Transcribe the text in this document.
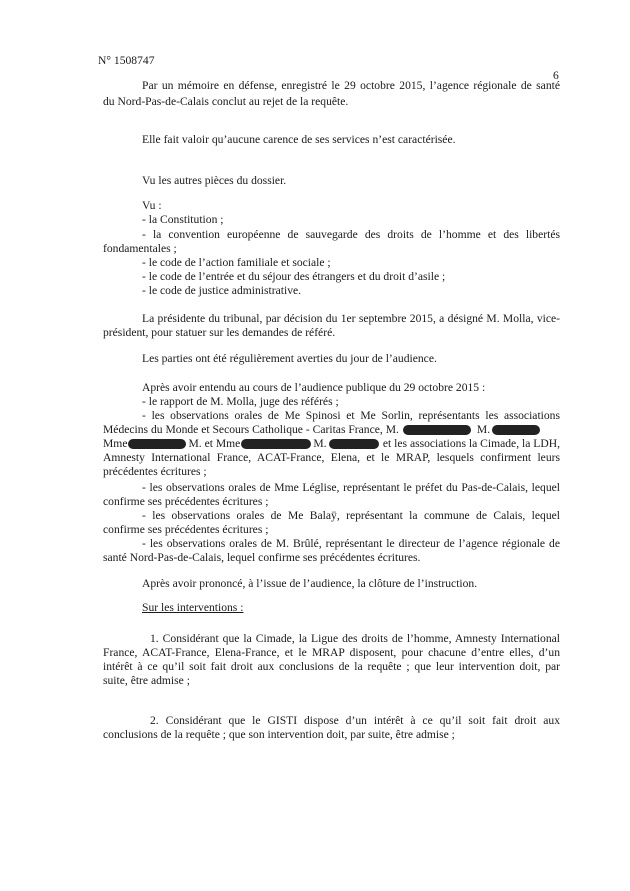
N° 1508747
6
Par un mémoire en défense, enregistré le 29 octobre 2015, l’agence régionale de santé
du Nord-Pas-de-Calais conclut au rejet de la requête.
Elle fait valoir qu’aucune carence de ses services n’est caractérisée.
Vu les autres pièces du dossier.
Vu :
- la Constitution ;
- la convention européenne de sauvegarde des droits de l’homme et des libertés
fondamentales ;
- le code de l’action familiale et sociale ;
- le code de l’entrée et du séjour des étrangers et du droit d’asile ;
- le code de justice administrative.
La présidente du tribunal, par décision du 1er septembre 2015, a désigné M. Molla, vice-
président, pour statuer sur les demandes de référé.
Les parties ont été régulièrement averties du jour de l’audience.
Après avoir entendu au cours de l’audience publique du 29 octobre 2015 :
- le rapport de M. Molla, juge des référés ;
- les observations orales de Me Spinosi et Me Sorlin, représentants les associations
Médecins du Monde et Secours Catholique - Caritas France, M.	M.
Mme	M. et Mme	M.	et les associations la Cimade, la LDH,
Amnesty International France, ACAT-France, Elena, et le MRAP, lesquels confirment leurs
précédentes écritures ;
- les observations orales de Mme Léglise, représentant le préfet du Pas-de-Calais, lequel
confirme ses précédentes écritures ;
- les observations orales de Me Balaÿ, représentant la commune de Calais, lequel
confirme ses précédentes écritures ;
- les observations orales de M. Brûlé, représentant le directeur de l’agence régionale de
santé Nord-Pas-de-Calais, lequel confirme ses précédentes écritures.
Après avoir prononcé, à l’issue de l’audience, la clôture de l’instruction.
Sur les interventions :
1. Considérant que la Cimade, la Ligue des droits de l’homme, Amnesty International
France, ACAT-France, Elena-France, et le MRAP disposent, pour chacune d’entre elles, d’un
intérêt à ce qu’il soit fait droit aux conclusions de la requête ; que leur intervention doit, par
suite, être admise ;
2. Considérant que le GISTI dispose d’un intérêt à ce qu’il soit fait droit aux
conclusions de la requête ; que son intervention doit, par suite, être admise ;
